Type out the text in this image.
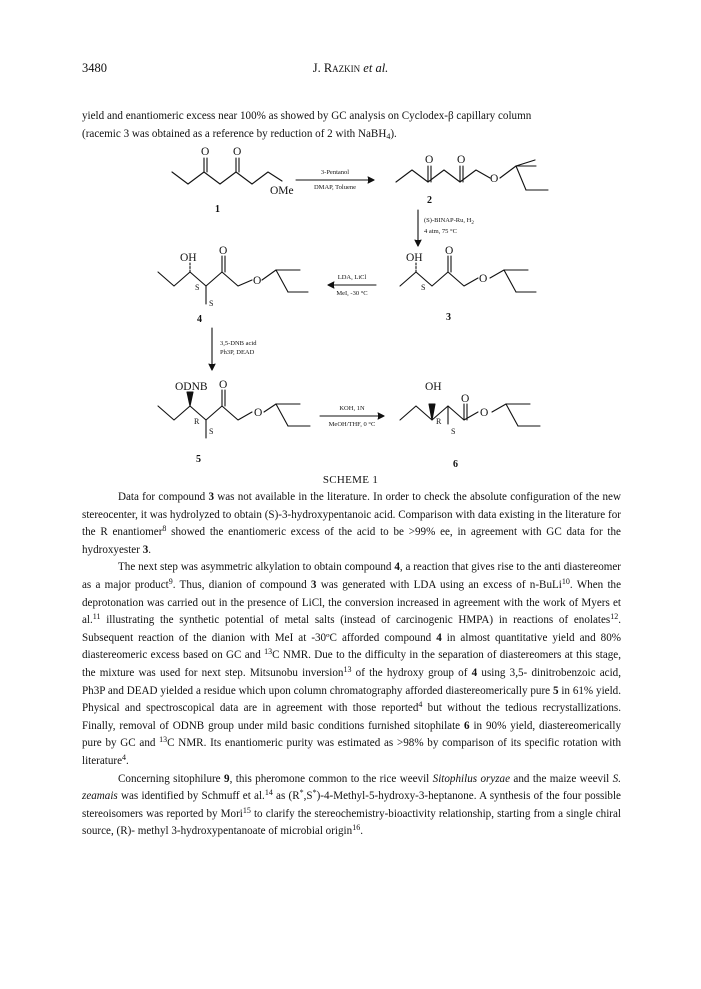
3480	J. Razkin et al.

yield and enantiomeric excess near 100% as showed by GC analysis on Cyclodex-β capillary column

(racemic 3 was obtained as a reference by reduction of 2 with NaBH$_4$).

O O
OMe
O O
O
OH
O
O
OH
O
O
ODNB O
O
OH
O
O
S
S
S
R
S
R
S
1
2
4	3
5	6
3-Pentanol
DMAP, Toluene
(S)-BINAP-Ru, $H_2$
4 atm, 75 °C
LDA, LiCl
MeI, -30 °C
3,5-DNB acid
Ph3P, DEAD
KOH, 1N
MeOH/THF, 0 °C
SCHEME 1

Data for compound 3 was not available in the literature. In order to check the absolute configuration of the new stereocenter, it was hydrolyzed to obtain (S)-3-hydroxypentanoic acid. Comparison with data existing in the literature for the R enantiomer$^8$ showed the enantiomeric excess of the acid to be >99% ee, in agreement with GC data for the hydroxyester 3.

The next step was asymmetric alkylation to obtain compound 4, a reaction that gives rise to the anti diastereomer as a major product$^9$. Thus, dianion of compound 3 was generated with LDA using an excess of n-BuLi$^{10}$. When the deprotonation was carried out in the presence of LiCl, the conversion increased in agreement with the work of Myers et al.$^{11}$ illustrating the synthetic potential of metal salts (instead of carcinogenic HMPA) in reactions of enolates$^{12}$. Subsequent reaction of the dianion with MeI at -30ºC afforded compound 4 in almost quantitative yield and 80% diastereomeric excess based on GC and $^{13}$C NMR. Due to the difficulty in the separation of diastereomers at this stage, the mixture was used for next step. Mitsunobu inversion$^{13}$ of the hydroxy group of 4 using 3,5- dinitrobenzoic acid, Ph3P and DEAD yielded a residue which upon column chromatography afforded diastereomerically pure 5 in 61% yield. Physical and spectroscopical data are in agreement with those reported$^4$ but without the tedious recrystallizations. Finally, removal of ODNB group under mild basic conditions furnished sitophilate 6 in 90% yield, diastereomerically pure by GC and $^{13}$C NMR. Its enantiomeric purity was estimated as >98% by comparison of its specific rotation with literature$^4$.

Concerning sitophilure 9, this pheromone common to the rice weevil Sitophilus oryzae and the maize weevil S. zeamais was identified by Schmuff et al.$^{14}$ as (R*,S*)-4-Methyl-5-hydroxy-3-heptanone. A synthesis of the four possible stereoisomers was reported by Mori$^{15}$ to clarify the stereochemistry-bioactivity relationship, starting from a single chiral source, (R)- methyl 3-hydroxypentanoate of microbial origin$^{16}$.
